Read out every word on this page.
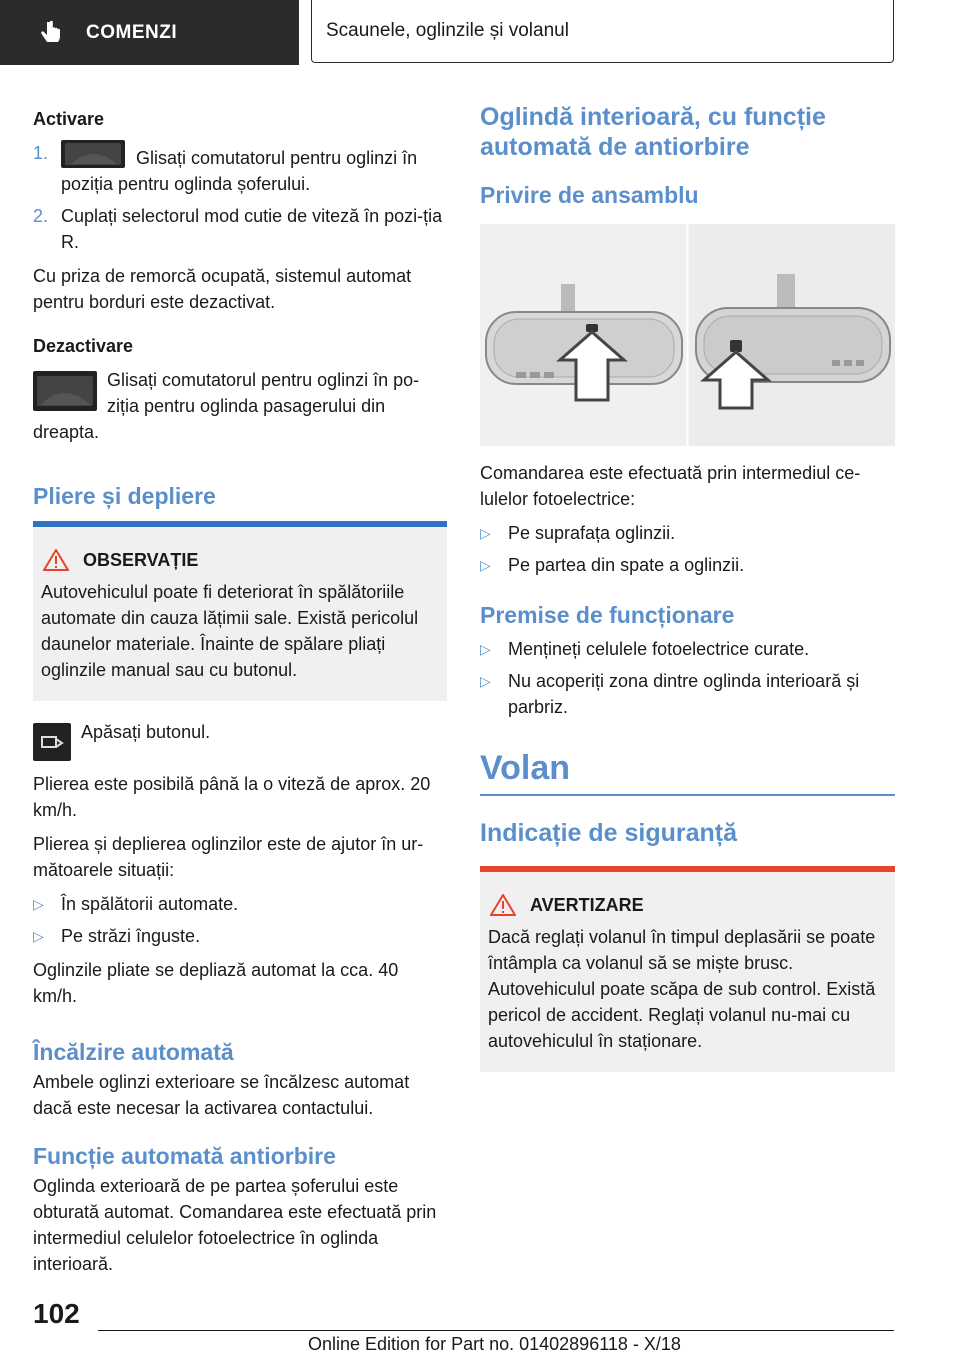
COMENZI	Scaunele, oglinzile și volanul
Activare
1.	Glisați comutatorul pentru oglinzi în poziția pentru oglinda șoferului.
2. Cuplați selectorul mod cutie de viteză în pozi‐ția R.

Cu priza de remorcă ocupată, sistemul automat pentru borduri este dezactivat.

Dezactivare

Glisați comutatorul pentru oglinzi în po‐ziția pentru oglinda pasagerului din dreapta.

Pliere și depliere
OBSERVAȚIE
Autovehiculul poate fi deteriorat în spălătoriile automate din cauza lățimii sale. Există pericolul daunelor materiale. Înainte de spălare pliați oglinzile manual sau cu butonul.

Apăsați butonul.

Plierea este posibilă până la o viteză de aprox. 20 km/h.

Plierea și deplierea oglinzilor este de ajutor în ur‐mătoarele situații:

▷ În spălătorii automate.
▷ Pe străzi înguste.

Oglinzile pliate se depliază automat la cca. 40 km/h.

Încălzire automată

Ambele oglinzi exterioare se încălzesc automat dacă este necesar la activarea contactului.

Funcție automată antiorbire

Oglinda exterioară de pe partea șoferului este obturată automat. Comandarea este efectuată prin intermediul celulelor fotoelectrice în oglinda interioară.

Oglindă interioară, cu funcție automată de antiorbire
Privire de ansamblu

Comandarea este efectuată prin intermediul ce‐lulelor fotoelectrice:

▷ Pe suprafața oglinzii.
▷ Pe partea din spate a oglinzii.
Premise de funcționare
▷ Mențineți celulele fotoelectrice curate.
▷ Nu acoperiți zona dintre oglinda interioară și parbriz.
Volan
Indicație de siguranță
AVERTIZARE
Dacă reglați volanul în timpul deplasării se poate întâmpla ca volanul să se miște brusc. Autovehiculul poate scăpa de sub control. Există pericol de accident. Reglați volanul nu‐mai cu autovehiculul în staționare.
102
Online Edition for Part no. 01402896118 - X/18
